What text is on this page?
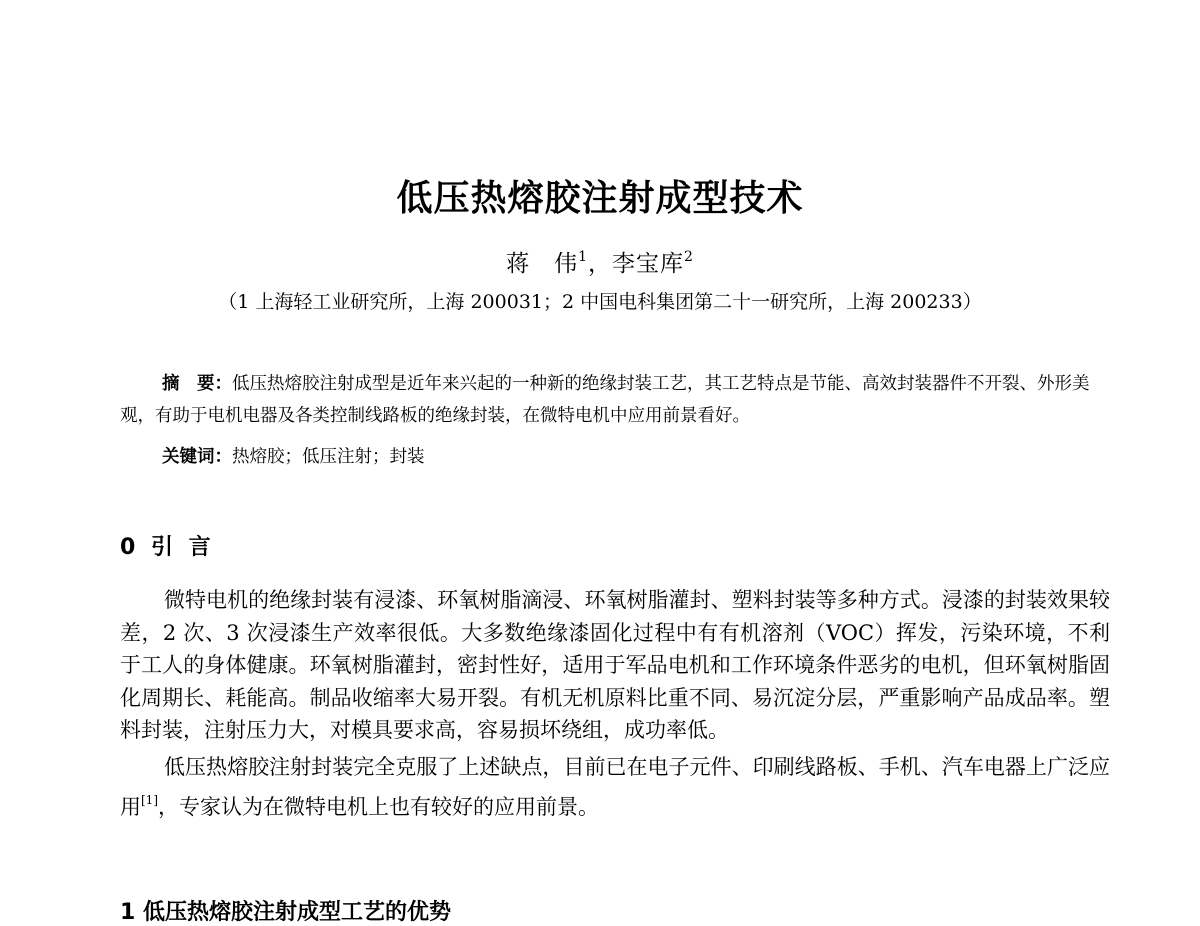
低压热熔胶注射成型技术
蒋　伟$^1$，李宝库$^2$
（1 上海轻工业研究所，上海 200031；2 中国电科集团第二十一研究所，上海 200233）

摘　要：低压热熔胶注射成型是近年来兴起的一种新的绝缘封装工艺，其工艺特点是节能、高效封装器件不开裂、外形美观，有助于电机电器及各类控制线路板的绝缘封装，在微特电机中应用前景看好。

关键词：热熔胶；低压注射；封装
0 引 言

微特电机的绝缘封装有浸漆、环氧树脂滴浸、环氧树脂灌封、塑料封装等多种方式。浸漆的封装效果较差，2 次、3 次浸漆生产效率很低。大多数绝缘漆固化过程中有有机溶剂（VOC）挥发，污染环境，不利于工人的身体健康。环氧树脂灌封，密封性好，适用于军品电机和工作环境条件恶劣的电机，但环氧树脂固化周期长、耗能高。制品收缩率大易开裂。有机无机原料比重不同、易沉淀分层，严重影响产品成品率。塑料封装，注射压力大，对模具要求高，容易损坏绕组，成功率低。

低压热熔胶注射封装完全克服了上述缺点，目前已在电子元件、印刷线路板、手机、汽车电器上广泛应用[1]，专家认为在微特电机上也有较好的应用前景。

1 低压热熔胶注射成型工艺的优势
